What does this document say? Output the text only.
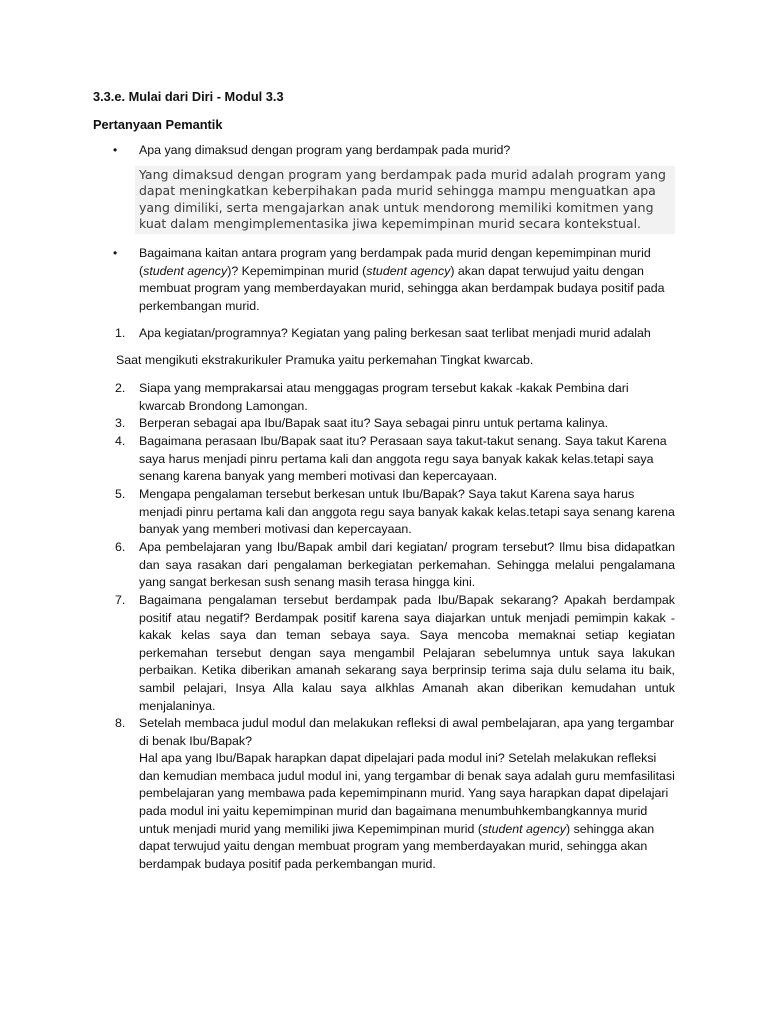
3.3.e. Mulai dari Diri - Modul 3.3
Pertanyaan Pemantik
• Apa yang dimaksud dengan program yang berdampak pada murid?
Yang dimaksud dengan program yang berdampak pada murid adalah program yang dapat meningkatkan keberpihakan pada murid sehingga mampu menguatkan apa yang dimiliki, serta mengajarkan anak untuk mendorong memiliki komitmen yang kuat dalam mengimplementasika jiwa kepemimpinan murid secara kontekstual.
• Bagaimana kaitan antara program yang berdampak pada murid dengan kepemimpinan murid (student agency)? Kepemimpinan murid (student agency) akan dapat terwujud yaitu dengan membuat program yang memberdayakan murid, sehingga akan berdampak budaya positif pada perkembangan murid.
1. Apa kegiatan/programnya? Kegiatan yang paling berkesan saat terlibat menjadi murid adalah
Saat mengikuti ekstrakurikuler Pramuka yaitu perkemahan Tingkat kwarcab.
2. Siapa yang memprakarsai atau menggagas program tersebut kakak -kakak Pembina dari kwarcab Brondong Lamongan.
3. Berperan sebagai apa Ibu/Bapak saat itu? Saya sebagai pinru untuk pertama kalinya.
4. Bagaimana perasaan Ibu/Bapak saat itu? Perasaan saya takut-takut senang. Saya takut Karena saya harus menjadi pinru pertama kali dan anggota regu saya banyak kakak kelas.tetapi saya senang karena banyak yang memberi motivasi dan kepercayaan.
5. Mengapa pengalaman tersebut berkesan untuk Ibu/Bapak? Saya takut Karena saya harus menjadi pinru pertama kali dan anggota regu saya banyak kakak kelas.tetapi saya senang karena banyak yang memberi motivasi dan kepercayaan.
6. Apa pembelajaran yang Ibu/Bapak ambil dari kegiatan/ program tersebut? Ilmu bisa didapatkan dan saya rasakan dari pengalaman berkegiatan perkemahan. Sehingga melalui pengalamana yang sangat berkesan sush senang masih terasa hingga kini.
7. Bagaimana pengalaman tersebut berdampak pada Ibu/Bapak sekarang? Apakah berdampak positif atau negatif? Berdampak positif karena saya diajarkan untuk menjadi pemimpin kakak -kakak kelas saya dan teman sebaya saya. Saya mencoba memaknai setiap kegiatan perkemahan tersebut dengan saya mengambil Pelajaran sebelumnya untuk saya lakukan perbaikan. Ketika diberikan amanah sekarang saya berprinsip terima saja dulu selama itu baik, sambil pelajari, Insya Alla kalau saya aIkhlas Amanah akan diberikan kemudahan untuk menjalaninya.
8. Setelah membaca judul modul dan melakukan refleksi di awal pembelajaran, apa yang tergambar di benak Ibu/Bapak?
Hal apa yang Ibu/Bapak harapkan dapat dipelajari pada modul ini? Setelah melakukan refleksi dan kemudian membaca judul modul ini, yang tergambar di benak saya adalah guru memfasilitasi pembelajaran yang membawa pada kepemimpinann murid. Yang saya harapkan dapat dipelajari pada modul ini yaitu kepemimpinan murid dan bagaimana menumbuhkembangkannya murid untuk menjadi murid yang memiliki jiwa Kepemimpinan murid (student agency) sehingga akan dapat terwujud yaitu dengan membuat program yang memberdayakan murid, sehingga akan berdampak budaya positif pada perkembangan murid.
